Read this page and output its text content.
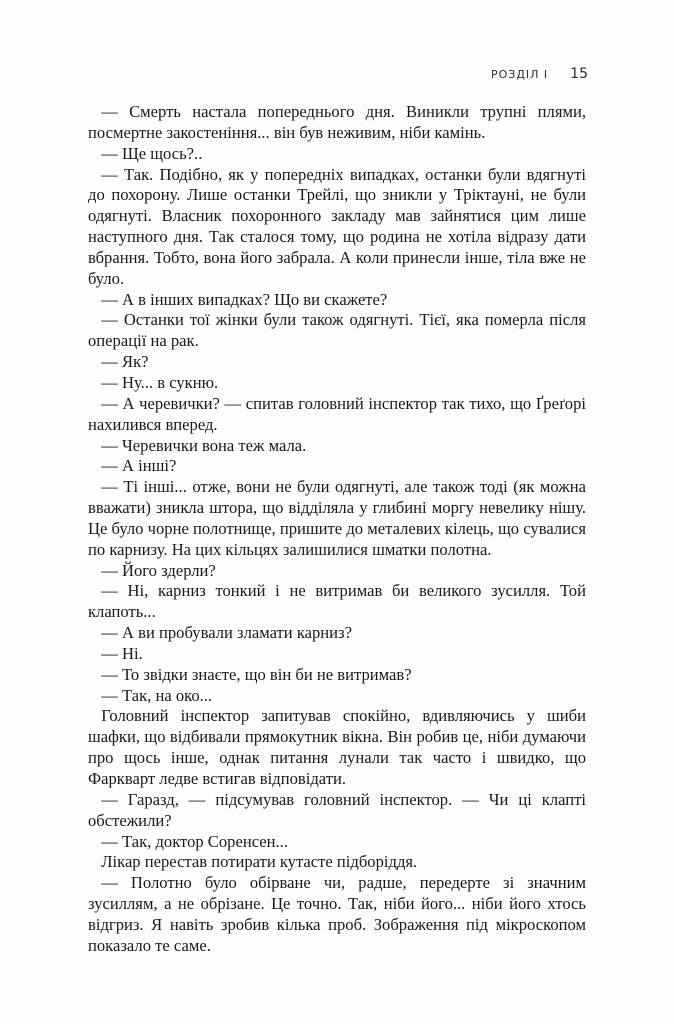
РОЗДІЛ І 15

— Смерть настала попереднього дня. Виникли трупні плями, посмертне закостеніння... він був неживим, ніби камінь.

— Ще щось?..

— Так. Подібно, як у попередніх випадках, останки були вдягнуті до похорону. Лише останки Трейлі, що зникли у Тріктауні, не були одягнуті. Власник похоронного закладу мав зайнятися цим лише наступного дня. Так сталося тому, що родина не хотіла відразу дати вбрання. Тобто, вона його забрала. А коли принесли інше, тіла вже не було.

— А в інших випадках? Що ви скажете?

— Останки тої жінки були також одягнуті. Тієї, яка померла після операції на рак.

— Як?

— Ну... в сукню.

— А черевички? — спитав головний інспектор так тихо, що Ґреґорі нахилився вперед.

— Черевички вона теж мала.

— А інші?

— Ті інші... отже, вони не були одягнуті, але також тоді (як можна вважати) зникла штора, що відділяла у глибині моргу невелику нішу. Це було чорне полотнище, пришите до металевих кілець, що сувалися по карнизу. На цих кільцях залишилися шматки полотна.

— Його здерли?

— Ні, карниз тонкий і не витримав би великого зусилля. Той клапоть...

— А ви пробували зламати карниз?

— Ні.

— То звідки знаєте, що він би не витримав?

— Так, на око...

Головний інспектор запитував спокійно, вдивляючись у шиби шафки, що відбивали прямокутник вікна. Він робив це, ніби думаючи про щось інше, однак питання лунали так часто і швидко, що Фаркварт ледве встигав відповідати.

— Гаразд, — підсумував головний інспектор. — Чи ці клапті обстежили?

— Так, доктор Соренсен...

Лікар перестав потирати кутасте підборіддя.

— Полотно було обірване чи, радше, передерте зі значним зусиллям, а не обрізане. Це точно. Так, ніби його... ніби його хтось відгриз. Я навіть зробив кілька проб. Зображення під мікроскопом показало те саме.
